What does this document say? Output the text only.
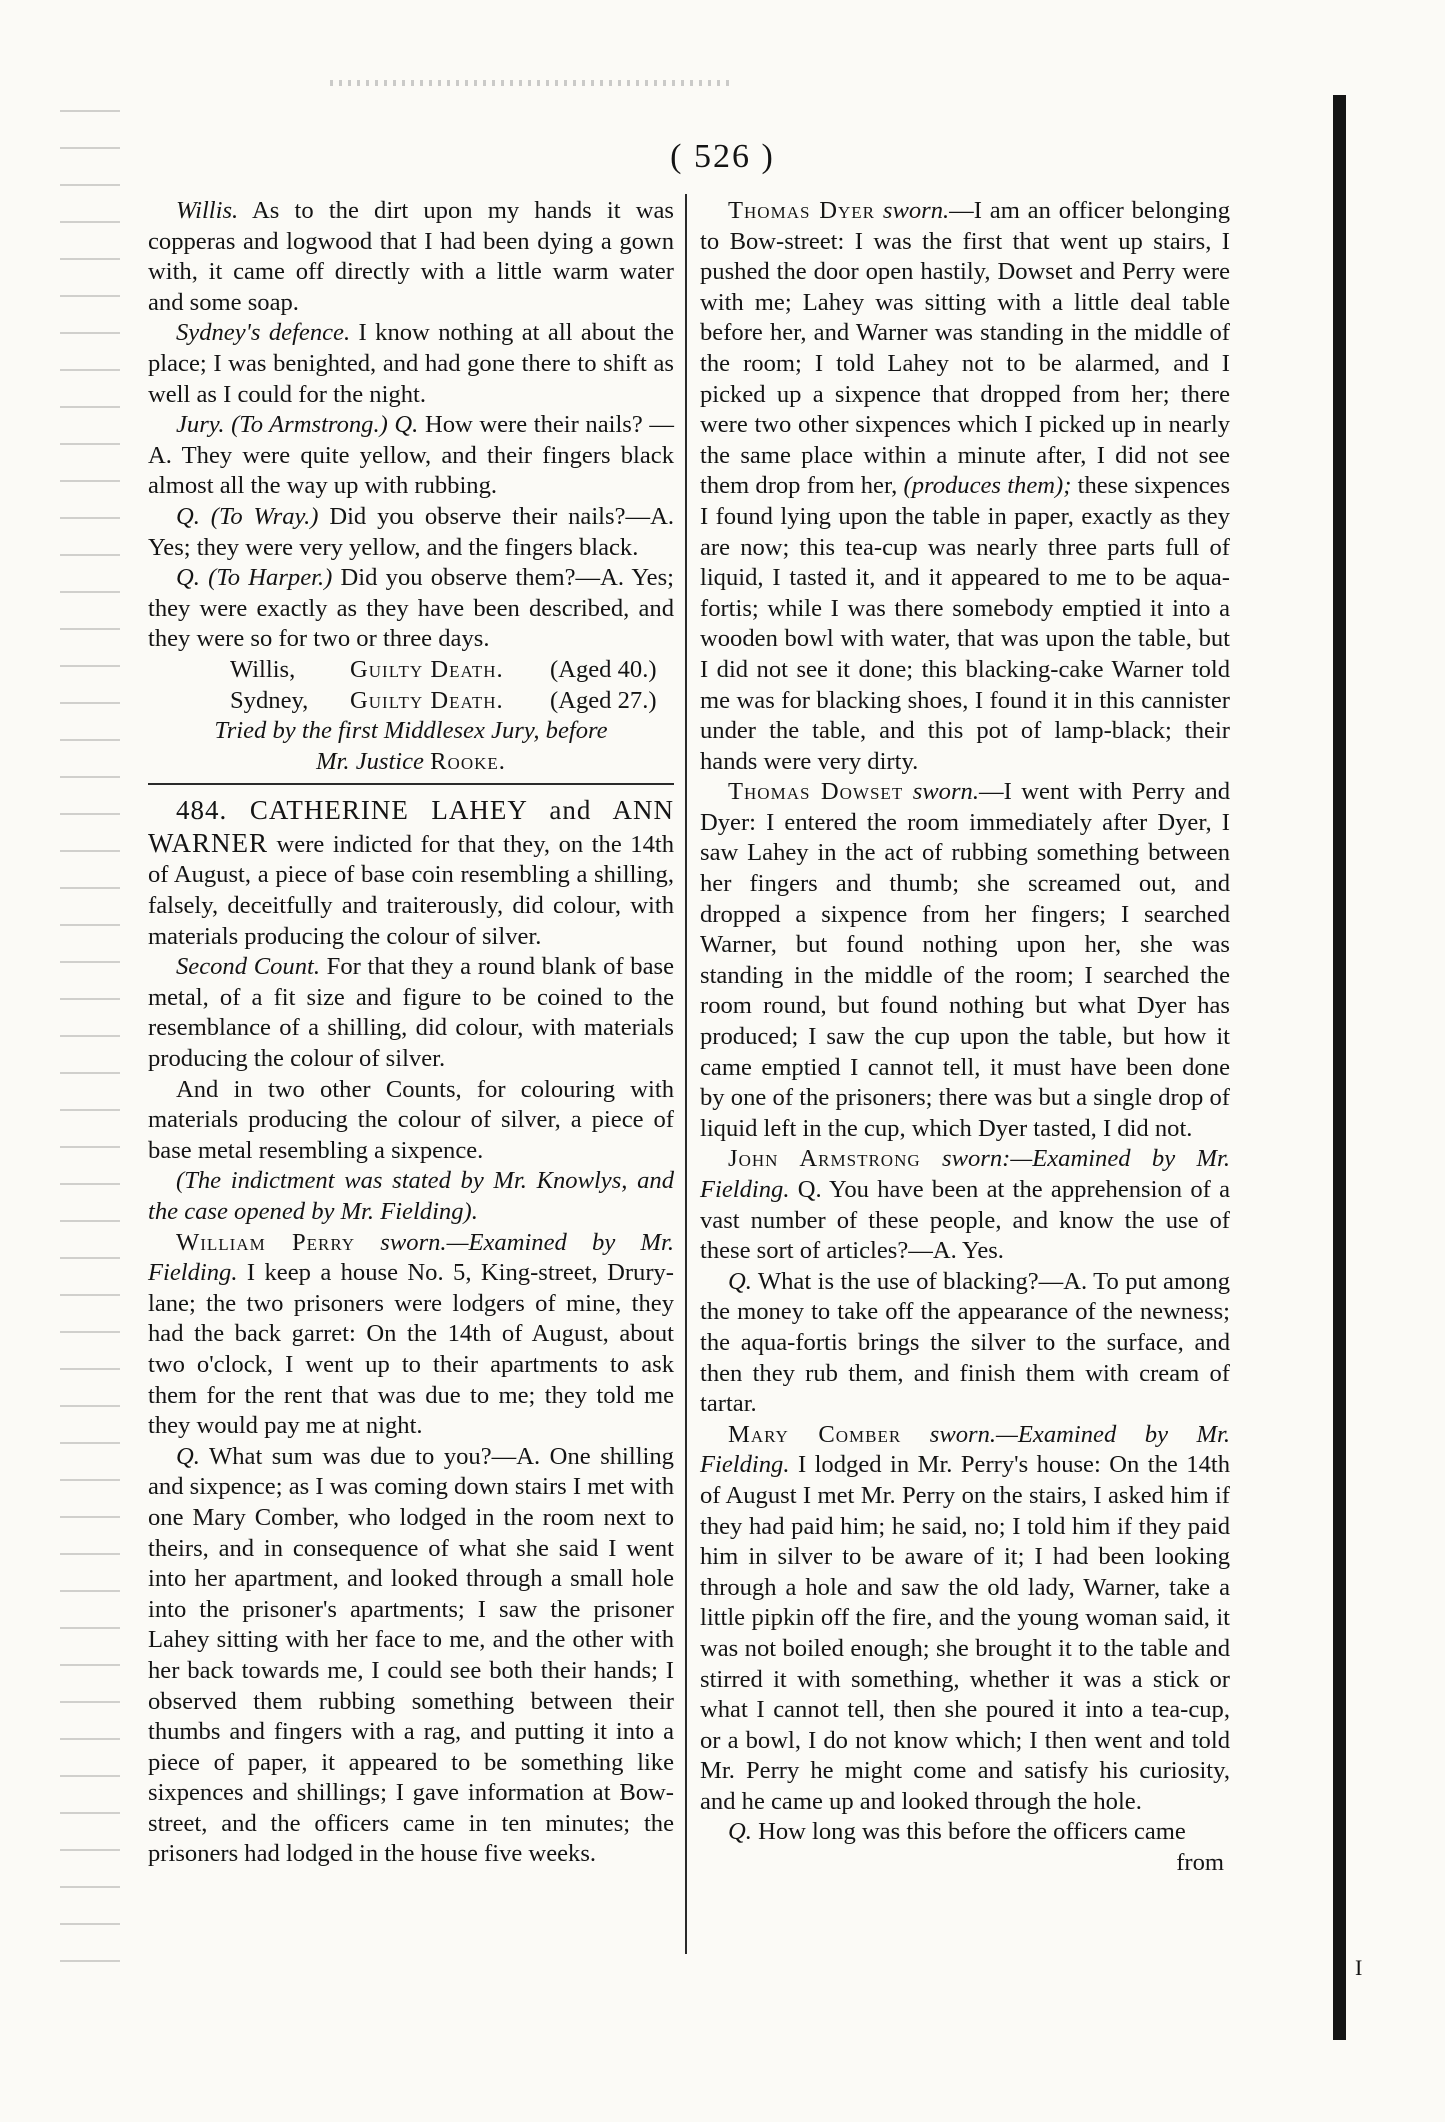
( 526 )

Willis. As to the dirt upon my hands it was copperas and logwood that I had been dying a gown with, it came off directly with a little warm water and some soap.

Sydney's defence. I know nothing at all about the place; I was benighted, and had gone there to shift as well as I could for the night.

Jury. (To Armstrong.) Q. How were their nails? —A. They were quite yellow, and their fingers black almost all the way up with rubbing.

Q. (To Wray.) Did you observe their nails?—A. Yes; they were very yellow, and the fingers black.

Q. (To Harper.) Did you observe them?—A. Yes; they were exactly as they have been described, and they were so for two or three days.

Willis,	Guilty Death.	(Aged 40.)
Sydney,	Guilty Death.	(Aged 27.)

Tried by the first Middlesex Jury, before

Mr. Justice Rooke.

484. CATHERINE LAHEY and ANN WARNER were indicted for that they, on the 14th of August, a piece of base coin resembling a shilling, falsely, deceitfully and traiterously, did colour, with materials producing the colour of silver.

Second Count. For that they a round blank of base metal, of a fit size and figure to be coined to the resemblance of a shilling, did colour, with materials producing the colour of silver.

And in two other Counts, for colouring with materials producing the colour of silver, a piece of base metal resembling a sixpence.

(The indictment was stated by Mr. Knowlys, and the case opened by Mr. Fielding).

William Perry sworn.—Examined by Mr. Fielding. I keep a house No. 5, King-street, Drury-lane; the two prisoners were lodgers of mine, they had the back garret: On the 14th of August, about two o'clock, I went up to their apartments to ask them for the rent that was due to me; they told me they would pay me at night.

Q. What sum was due to you?—A. One shilling and sixpence; as I was coming down stairs I met with one Mary Comber, who lodged in the room next to theirs, and in consequence of what she said I went into her apartment, and looked through a small hole into the prisoner's apartments; I saw the prisoner Lahey sitting with her face to me, and the other with her back towards me, I could see both their hands; I observed them rubbing something between their thumbs and fingers with a rag, and putting it into a piece of paper, it appeared to be something like sixpences and shillings; I gave information at Bow-street, and the officers came in ten minutes; the prisoners had lodged in the house five weeks.

Thomas Dyer sworn.—I am an officer belonging to Bow-street: I was the first that went up stairs, I pushed the door open hastily, Dowset and Perry were with me; Lahey was sitting with a little deal table before her, and Warner was standing in the middle of the room; I told Lahey not to be alarmed, and I picked up a sixpence that dropped from her; there were two other sixpences which I picked up in nearly the same place within a minute after, I did not see them drop from her, (produces them); these sixpences I found lying upon the table in paper, exactly as they are now; this tea-cup was nearly three parts full of liquid, I tasted it, and it appeared to me to be aqua-fortis; while I was there somebody emptied it into a wooden bowl with water, that was upon the table, but I did not see it done; this blacking-cake Warner told me was for blacking shoes, I found it in this cannister under the table, and this pot of lamp-black; their hands were very dirty.

Thomas Dowset sworn.—I went with Perry and Dyer: I entered the room immediately after Dyer, I saw Lahey in the act of rubbing something between her fingers and thumb; she screamed out, and dropped a sixpence from her fingers; I searched Warner, but found nothing upon her, she was standing in the middle of the room; I searched the room round, but found nothing but what Dyer has produced; I saw the cup upon the table, but how it came emptied I cannot tell, it must have been done by one of the prisoners; there was but a single drop of liquid left in the cup, which Dyer tasted, I did not.

John Armstrong sworn:—Examined by Mr. Fielding. Q. You have been at the apprehension of a vast number of these people, and know the use of these sort of articles?—A. Yes.

Q. What is the use of blacking?—A. To put among the money to take off the appearance of the newness; the aqua-fortis brings the silver to the surface, and then they rub them, and finish them with cream of tartar.

Mary Comber sworn.—Examined by Mr. Fielding. I lodged in Mr. Perry's house: On the 14th of August I met Mr. Perry on the stairs, I asked him if they had paid him; he said, no; I told him if they paid him in silver to be aware of it; I had been looking through a hole and saw the old lady, Warner, take a little pipkin off the fire, and the young woman said, it was not boiled enough; she brought it to the table and stirred it with something, whether it was a stick or what I cannot tell, then she poured it into a tea-cup, or a bowl, I do not know which; I then went and told Mr. Perry he might come and satisfy his curiosity, and he came up and looked through the hole.

Q. How long was this before the officers came

from

I
